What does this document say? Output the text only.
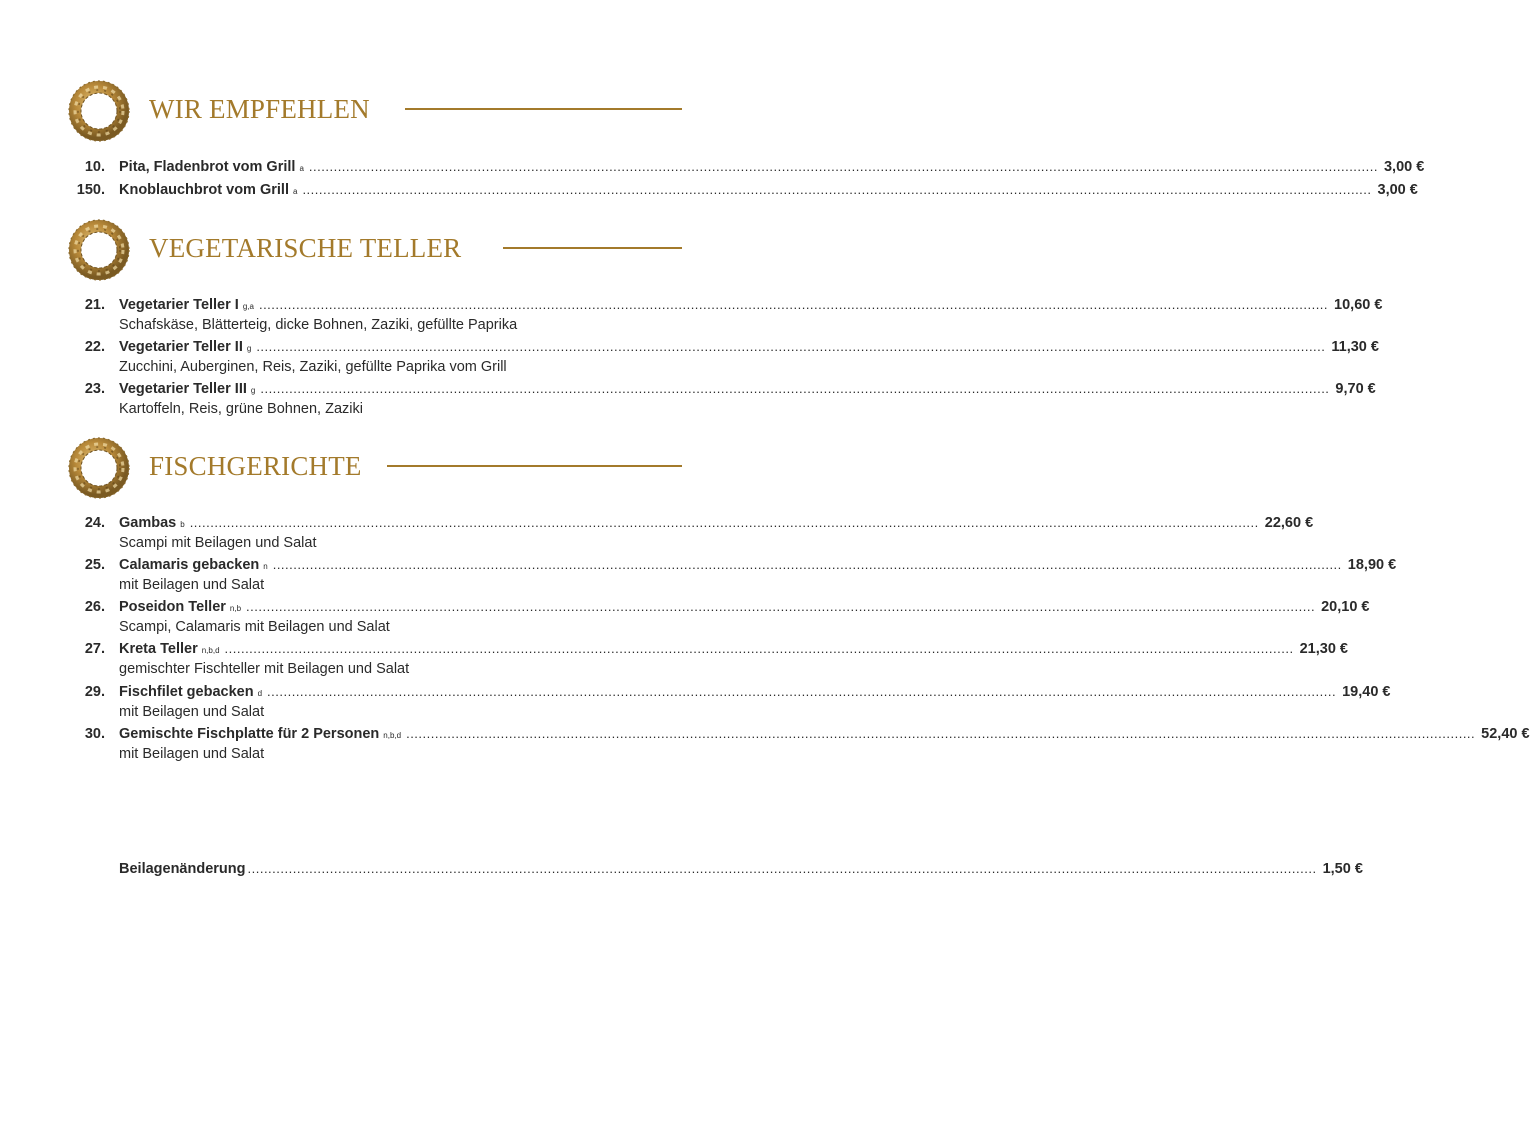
WIR EMPFEHLEN
10. Pita, Fladenbrot vom Grill a .................................................................................................................................................................................................................................................................... 3,00 €
150. Knoblauchbrot vom Grill a .................................................................................................................................................................................................................................................................... 3,00 €
VEGETARISCHE TELLER
21. Vegetarier Teller I g,a .................................................................................................................................................................................................................................................................... 10,60 €
Schafskäse, Blätterteig, dicke Bohnen, Zaziki, gefüllte Paprika
22. Vegetarier Teller II g .................................................................................................................................................................................................................................................................... 11,30 €
Zucchini, Auberginen, Reis, Zaziki, gefüllte Paprika vom Grill
23. Vegetarier Teller III g .................................................................................................................................................................................................................................................................... 9,70 €
Kartoffeln, Reis, grüne Bohnen, Zaziki
FISCHGERICHTE
24. Gambas b .................................................................................................................................................................................................................................................................... 22,60 €
Scampi mit Beilagen und Salat
25. Calamaris gebacken n .................................................................................................................................................................................................................................................................... 18,90 €
mit Beilagen und Salat
26. Poseidon Teller n,b .................................................................................................................................................................................................................................................................... 20,10 €
Scampi, Calamaris mit Beilagen und Salat
27. Kreta Teller n,b,d .................................................................................................................................................................................................................................................................... 21,30 €
gemischter Fischteller mit Beilagen und Salat
29. Fischfilet gebacken d .................................................................................................................................................................................................................................................................... 19,40 €
mit Beilagen und Salat
30. Gemischte Fischplatte für 2 Personen n,b,d .................................................................................................................................................................................................................................................................... 52,40 €
mit Beilagen und Salat
Beilagenänderung .................................................................................................................................................................................................................................................................... 1,50 €
